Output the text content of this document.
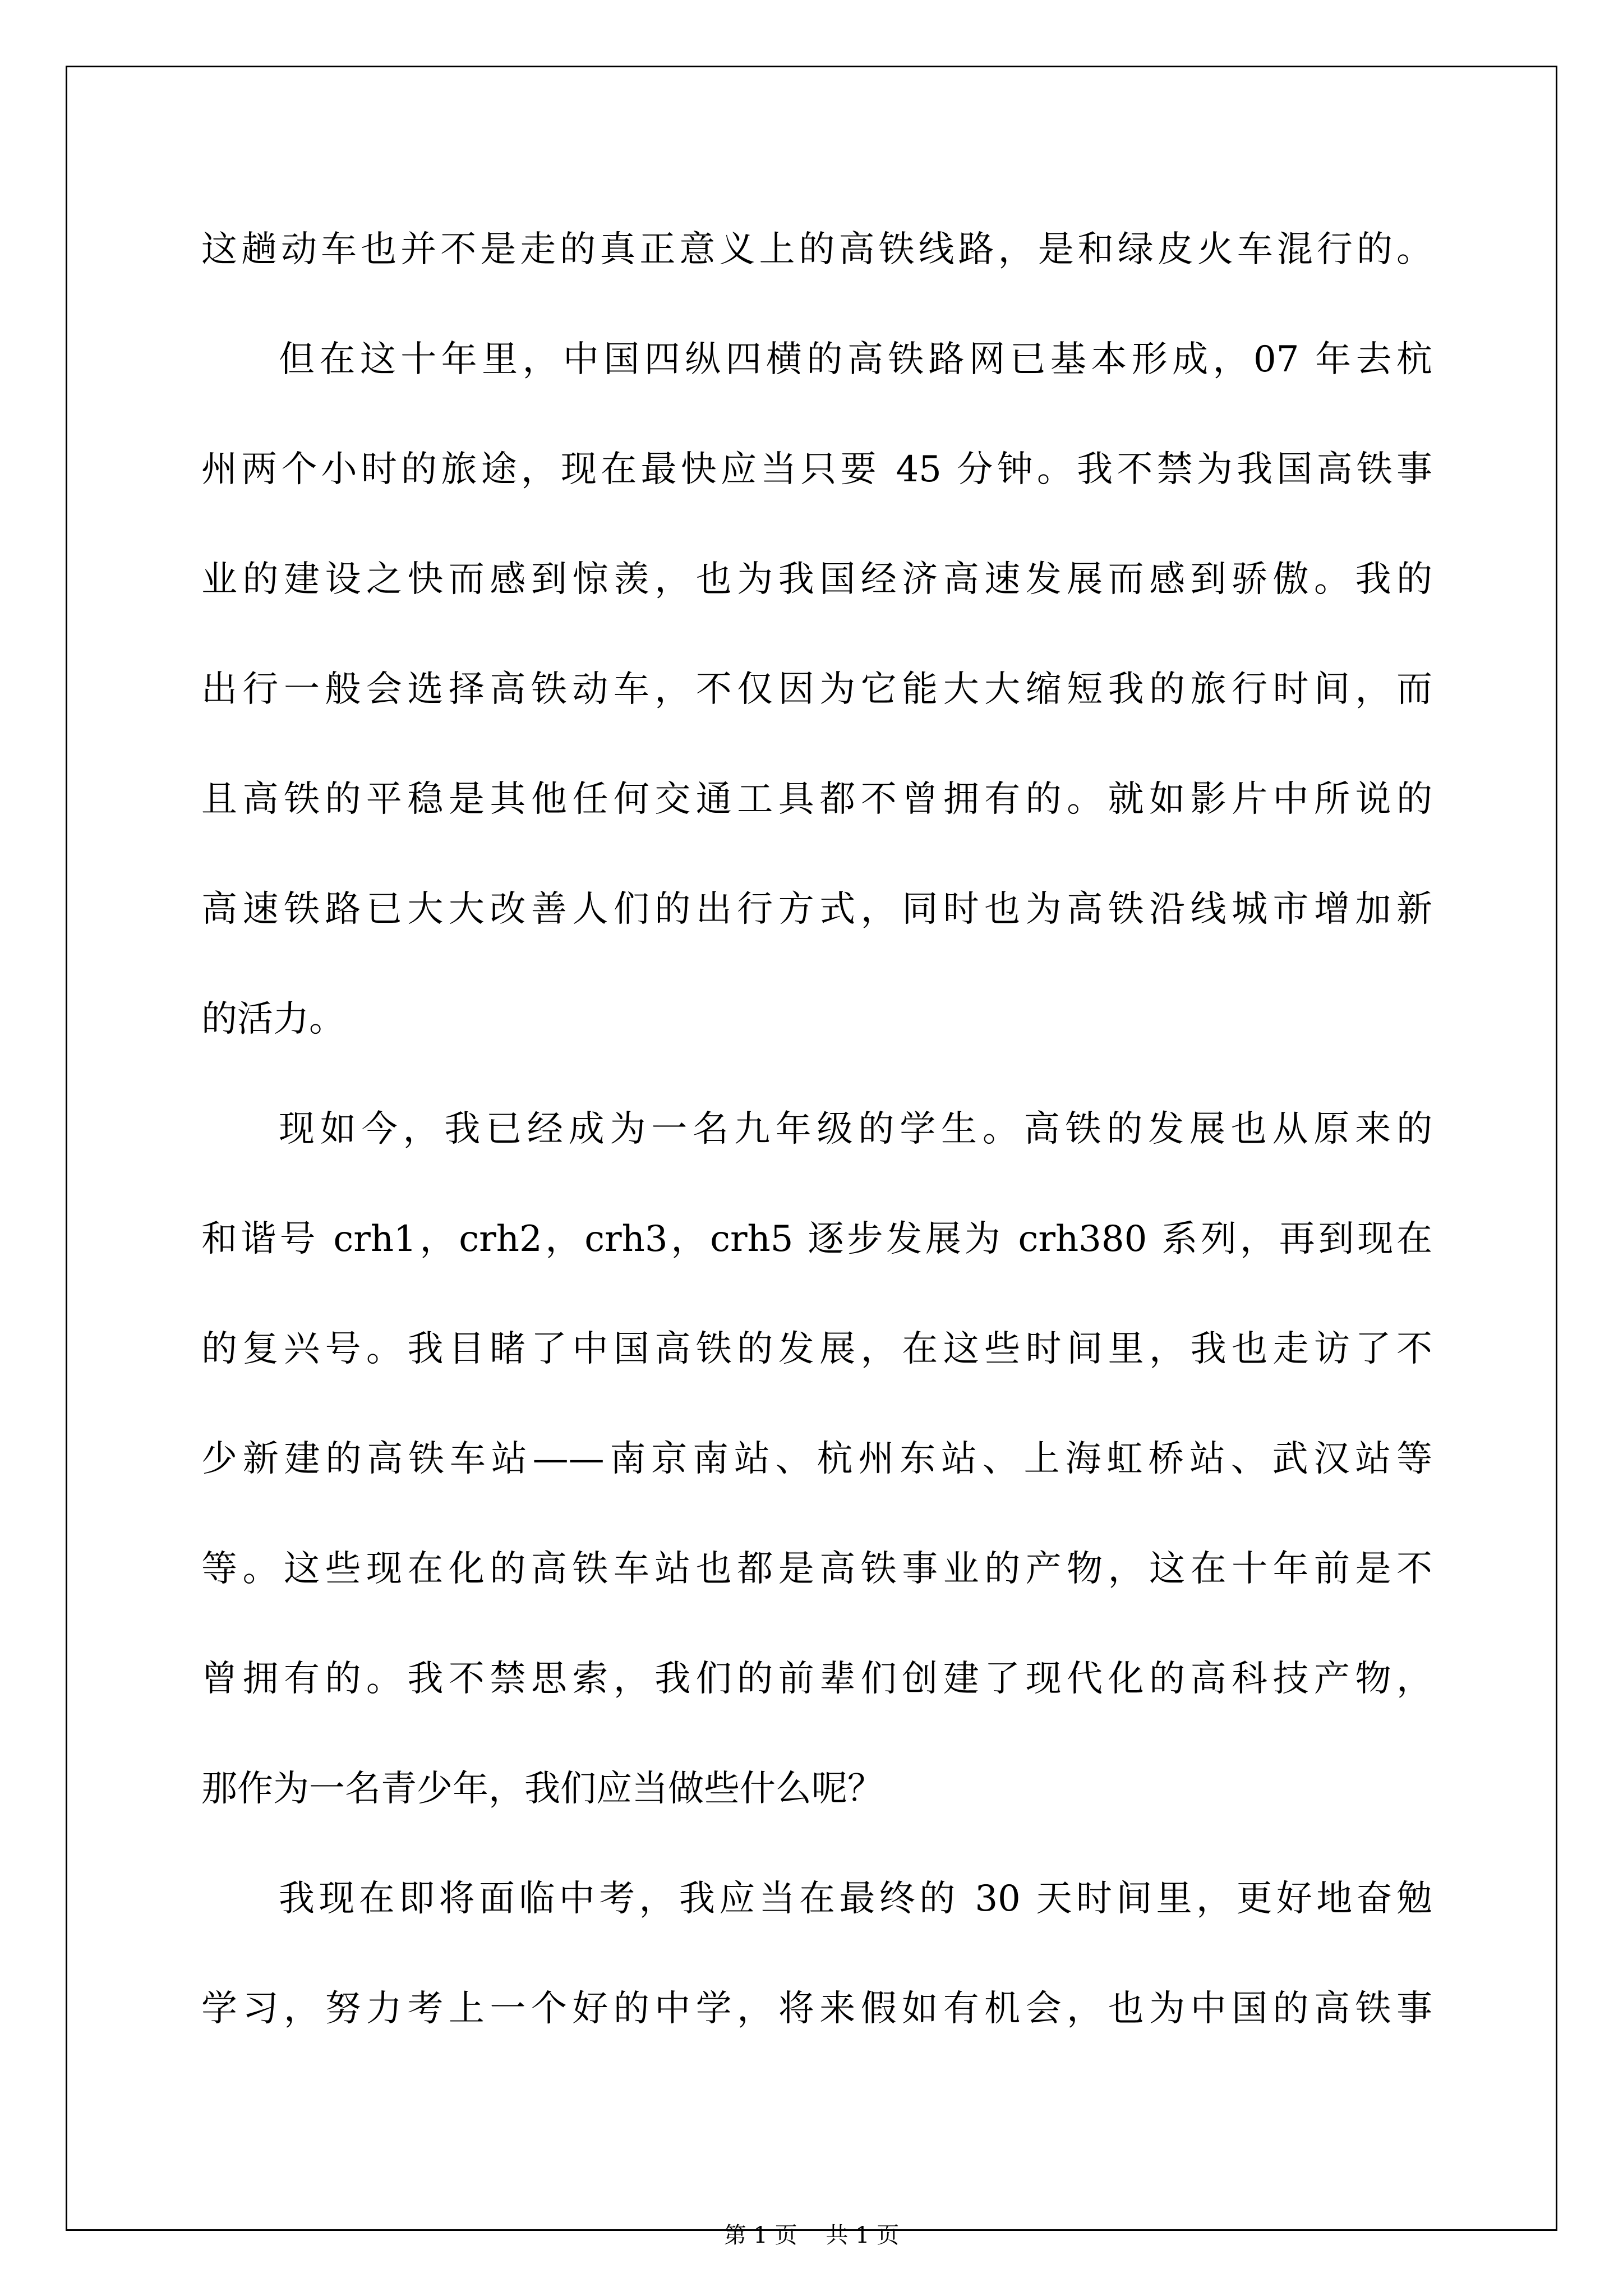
这趟动车也并不是走的真正意义上的高铁线路，是和绿皮火车混行的。
但在这十年里，中国四纵四横的高铁路网已基本形成，07 年去杭
州两个小时的旅途，现在最快应当只要 45 分钟。我不禁为我国高铁事
业的建设之快而感到惊羡，也为我国经济高速发展而感到骄傲。我的
出行一般会选择高铁动车，不仅因为它能大大缩短我的旅行时间，而
且高铁的平稳是其他任何交通工具都不曾拥有的。就如影片中所说的
高速铁路已大大改善人们的出行方式，同时也为高铁沿线城市增加新
的活力。
现如今，我已经成为一名九年级的学生。高铁的发展也从原来的
和谐号 crh1，crh2，crh3，crh5 逐步发展为 crh380 系列，再到现在
的复兴号。我目睹了中国高铁的发展，在这些时间里，我也走访了不
少新建的高铁车站——南京南站、杭州东站、上海虹桥站、武汉站等
等。这些现在化的高铁车站也都是高铁事业的产物，这在十年前是不
曾拥有的。我不禁思索，我们的前辈们创建了现代化的高科技产物，
那作为一名青少年，我们应当做些什么呢？
我现在即将面临中考，我应当在最终的 30 天时间里，更好地奋勉
学习，努力考上一个好的中学，将来假如有机会，也为中国的高铁事
第 1 页    共 1 页
